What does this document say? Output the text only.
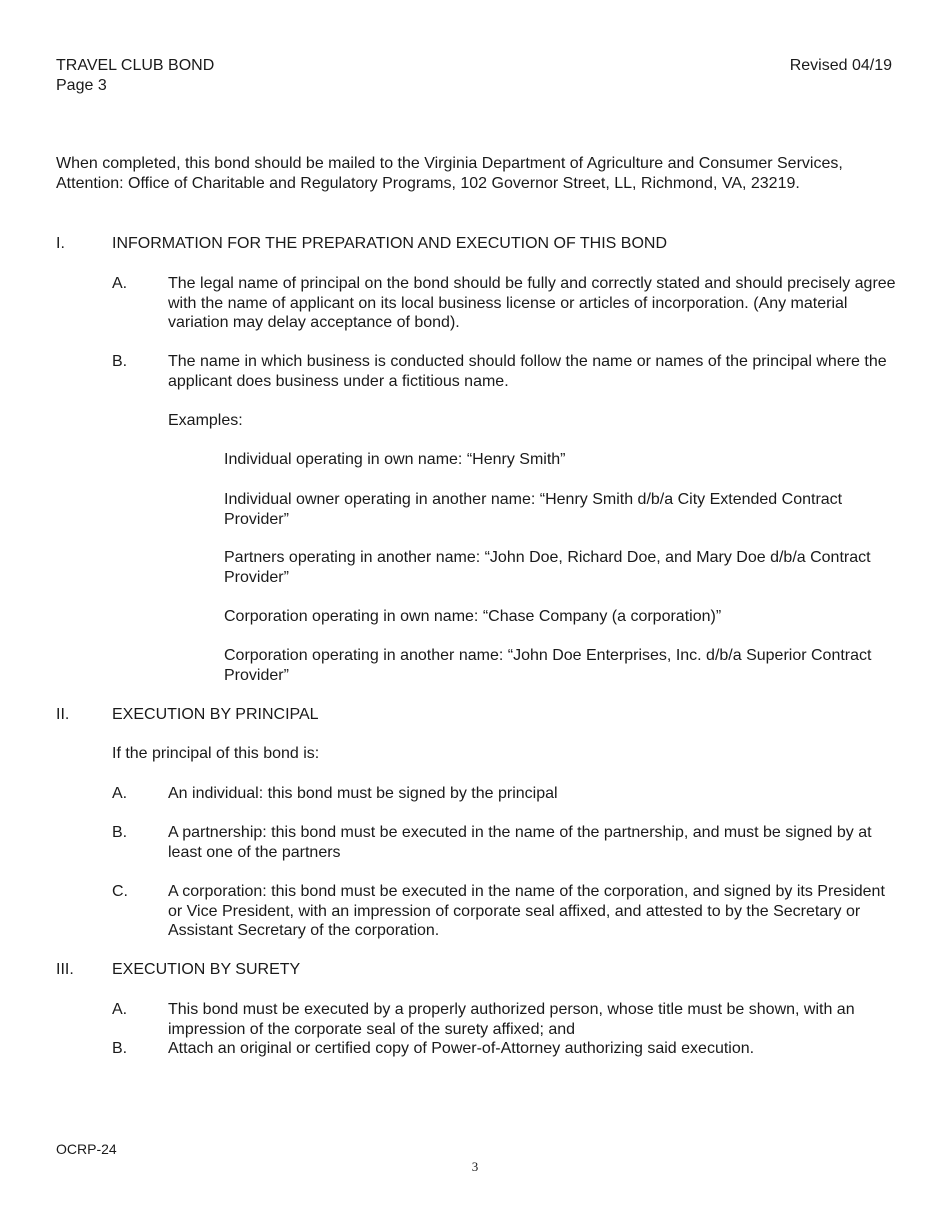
TRAVEL CLUB BOND
Page 3
Revised 04/19
When completed, this bond should be mailed to the Virginia Department of Agriculture and Consumer Services, Attention: Office of Charitable and Regulatory Programs, 102 Governor Street, LL, Richmond, VA, 23219.
I.	INFORMATION FOR THE PREPARATION AND EXECUTION OF THIS BOND
A.	The legal name of principal on the bond should be fully and correctly stated and should precisely agree with the name of applicant on its local business license or articles of incorporation. (Any material variation may delay acceptance of bond).
B.	The name in which business is conducted should follow the name or names of the principal where the applicant does business under a fictitious name.
Examples:
Individual operating in own name: “Henry Smith”
Individual owner operating in another name: “Henry Smith d/b/a City Extended Contract Provider”
Partners operating in another name: “John Doe, Richard Doe, and Mary Doe d/b/a Contract Provider”
Corporation operating in own name: “Chase Company (a corporation)”
Corporation operating in another name: “John Doe Enterprises, Inc. d/b/a Superior Contract Provider”
II.	EXECUTION BY PRINCIPAL
If the principal of this bond is:
A.	An individual: this bond must be signed by the principal
B.	A partnership: this bond must be executed in the name of the partnership, and must be signed by at least one of the partners
C.	A corporation: this bond must be executed in the name of the corporation, and signed by its President or Vice President, with an impression of corporate seal affixed, and attested to by the Secretary or Assistant Secretary of the corporation.
III. EXECUTION BY SURETY
A.	This bond must be executed by a properly authorized person, whose title must be shown, with an impression of the corporate seal of the surety affixed; and
B.	Attach an original or certified copy of Power-of-Attorney authorizing said execution.
OCRP-24
3
